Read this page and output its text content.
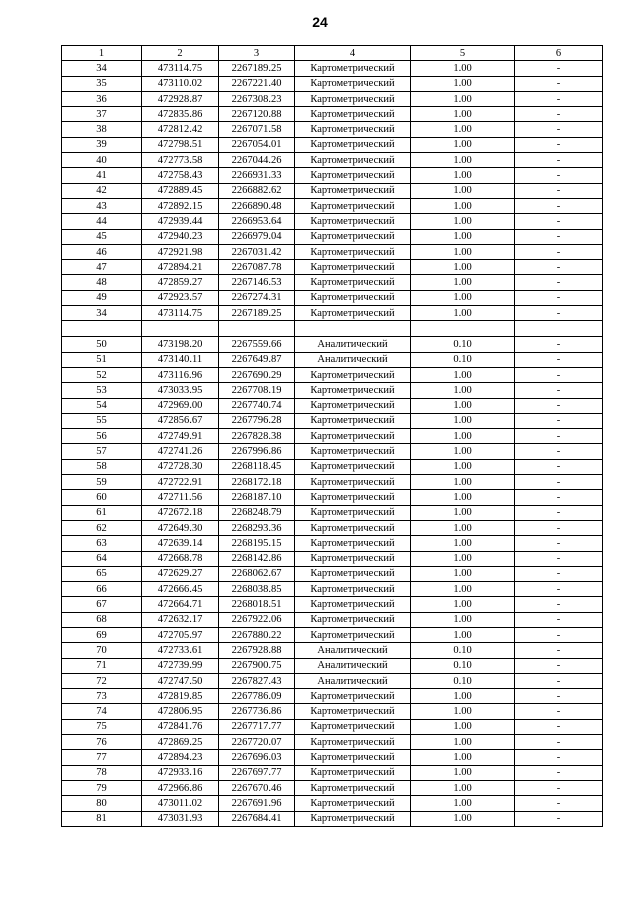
24
1	2	3	4	5	6
34	473114.75	2267189.25	Картометрический	1.00	-
35	473110.02	2267221.40	Картометрический	1.00	-
36	472928.87	2267308.23	Картометрический	1.00	-
37	472835.86	2267120.88	Картометрический	1.00	-
38	472812.42	2267071.58	Картометрический	1.00	-
39	472798.51	2267054.01	Картометрический	1.00	-
40	472773.58	2267044.26	Картометрический	1.00	-
41	472758.43	2266931.33	Картометрический	1.00	-
42	472889.45	2266882.62	Картометрический	1.00	-
43	472892.15	2266890.48	Картометрический	1.00	-
44	472939.44	2266953.64	Картометрический	1.00	-
45	472940.23	2266979.04	Картометрический	1.00	-
46	472921.98	2267031.42	Картометрический	1.00	-
47	472894.21	2267087.78	Картометрический	1.00	-
48	472859.27	2267146.53	Картометрический	1.00	-
49	472923.57	2267274.31	Картометрический	1.00	-
34	473114.75	2267189.25	Картометрический	1.00	-

50	473198.20	2267559.66	Аналитический	0.10	-
51	473140.11	2267649.87	Аналитический	0.10	-
52	473116.96	2267690.29	Картометрический	1.00	-
53	473033.95	2267708.19	Картометрический	1.00	-
54	472969.00	2267740.74	Картометрический	1.00	-
55	472856.67	2267796.28	Картометрический	1.00	-
56	472749.91	2267828.38	Картометрический	1.00	-
57	472741.26	2267996.86	Картометрический	1.00	-
58	472728.30	2268118.45	Картометрический	1.00	-
59	472722.91	2268172.18	Картометрический	1.00	-
60	472711.56	2268187.10	Картометрический	1.00	-
61	472672.18	2268248.79	Картометрический	1.00	-
62	472649.30	2268293.36	Картометрический	1.00	-
63	472639.14	2268195.15	Картометрический	1.00	-
64	472668.78	2268142.86	Картометрический	1.00	-
65	472629.27	2268062.67	Картометрический	1.00	-
66	472666.45	2268038.85	Картометрический	1.00	-
67	472664.71	2268018.51	Картометрический	1.00	-
68	472632.17	2267922.06	Картометрический	1.00	-
69	472705.97	2267880.22	Картометрический	1.00	-
70	472733.61	2267928.88	Аналитический	0.10	-
71	472739.99	2267900.75	Аналитический	0.10	-
72	472747.50	2267827.43	Аналитический	0.10	-
73	472819.85	2267786.09	Картометрический	1.00	-
74	472806.95	2267736.86	Картометрический	1.00	-
75	472841.76	2267717.77	Картометрический	1.00	-
76	472869.25	2267720.07	Картометрический	1.00	-
77	472894.23	2267696.03	Картометрический	1.00	-
78	472933.16	2267697.77	Картометрический	1.00	-
79	472966.86	2267670.46	Картометрический	1.00	-
80	473011.02	2267691.96	Картометрический	1.00	-
81	473031.93	2267684.41	Картометрический	1.00	-
